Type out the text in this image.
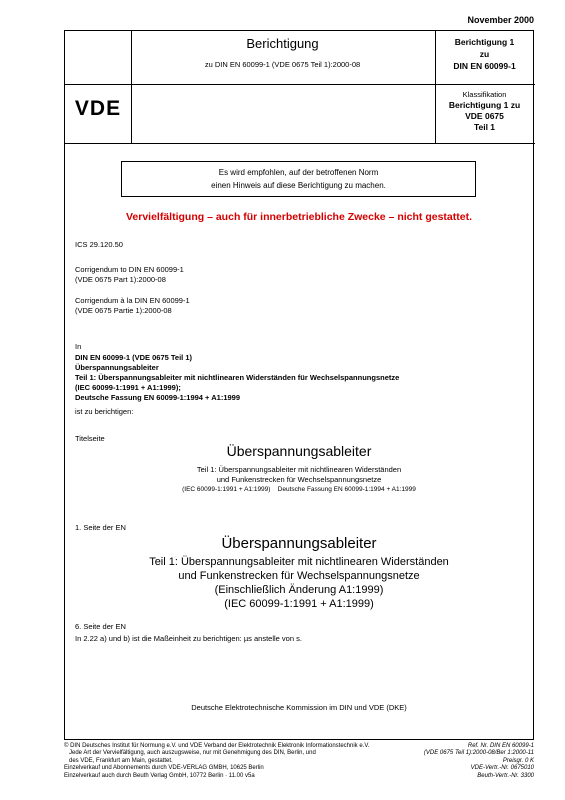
November 2000
Berichtigung
zu DIN EN 60099-1 (VDE 0675 Teil 1):2000-08
Berichtigung 1
zu
DIN EN 60099-1
Klassifikation
Berichtigung 1 zu
VDE 0675
Teil 1
VDE
Es wird empfohlen, auf der betroffenen Norm
einen Hinweis auf diese Berichtigung zu machen.
Vervielfältigung – auch für innerbetriebliche Zwecke – nicht gestattet.
ICS 29.120.50
Corrigendum to DIN EN 60099-1
(VDE 0675 Part 1):2000-08
Corrigendum à la DIN EN 60099-1
(VDE 0675 Partie 1):2000-08
In
DIN EN 60099-1 (VDE 0675 Teil 1)
Überspannungsableiter
Teil 1: Überspannungsableiter mit nichtlinearen Widerständen für Wechselspannungsnetze
(IEC 60099-1:1991 + A1:1999);
Deutsche Fassung EN 60099-1:1994 + A1:1999
ist zu berichtigen:
Titelseite
Überspannungsableiter
Teil 1: Überspannungsableiter mit nichtlinearen Widerständen
und Funkenstrecken für Wechselspannungsnetze
(IEC 60099-1:1991 + A1:1999)    Deutsche Fassung EN 60099-1:1994 + A1:1999
1. Seite der EN
Überspannungsableiter
Teil 1: Überspannungsableiter mit nichtlinearen Widerständen
und Funkenstrecken für Wechselspannungsnetze
(Einschließlich Änderung A1:1999)
(IEC 60099-1:1991 + A1:1999)
6. Seite der EN
In 2.22 a) und b) ist die Maßeinheit zu berichtigen: µs anstelle von s.
Deutsche Elektrotechnische Kommission im DIN und VDE (DKE)
© DIN Deutsches Institut für Normung e.V. und VDE Verband der Elektrotechnik Elektronik Informationstechnik e.V.
Jede Art der Vervielfältigung, auch auszugsweise, nur mit Genehmigung des DIN, Berlin, und
des VDE, Frankfurt am Main, gestattet.
Einzelverkauf und Abonnements durch VDE-VERLAG GMBH, 10625 Berlin
Einzelverkauf auch durch Beuth Verlag GmbH, 10772 Berlin · 11.00 v5a
Ref. Nr. DIN EN 60099-1
(VDE 0675 Teil 1):2000-08/Ber 1:2000-11
Preisgr. 0 K
VDE-Vertr.-Nr. 0675010
Beuth-Vertr.-Nr. 3300
